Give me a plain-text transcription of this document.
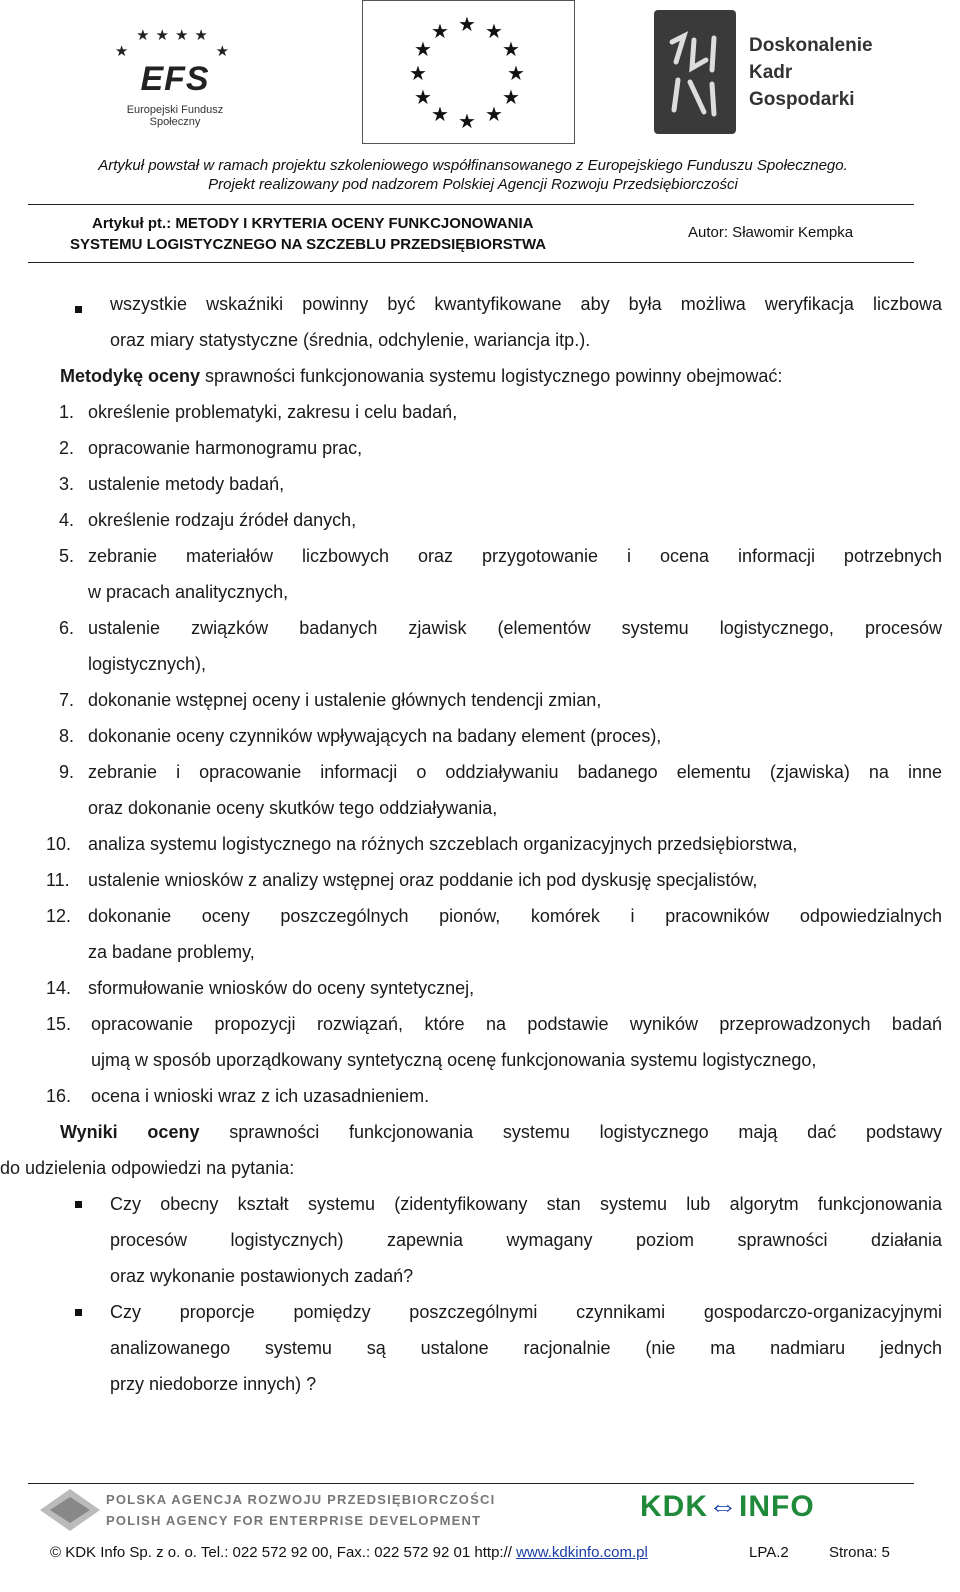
★★★★
★        ★
EFS
Europejski Fundusz Społeczny
★ ★
★
★
★
★
★
★
★
★
★
★
Doskonalenie
Kadr
Gospodarki
Artykuł powstał w ramach projektu szkoleniowego współfinansowanego z Europejskiego Funduszu Społecznego.
Projekt realizowany pod nadzorem Polskiej Agencji Rozwoju Przedsiębiorczości
Artykuł pt.: METODY I KRYTERIA OCENY FUNKCJONOWANIA
SYSTEMU LOGISTYCZNEGO NA SZCZEBLU PRZEDSIĘBIORSTWA
Autor: Sławomir Kempka
wszystkie wskaźniki powinny być kwantyfikowane aby była możliwa weryfikacja liczbowa
oraz miary statystyczne (średnia, odchylenie, wariancja itp.).
Metodykę oceny sprawności funkcjonowania systemu logistycznego powinny obejmować:
1. określenie problematyki, zakresu i celu badań,
2. opracowanie harmonogramu prac,
3. ustalenie metody badań,
4. określenie rodzaju źródeł danych,
5. zebranie materiałów liczbowych oraz przygotowanie i ocena informacji potrzebnych
w pracach analitycznych,
6. ustalenie związków badanych zjawisk (elementów systemu logistycznego, procesów
logistycznych),
7. dokonanie wstępnej oceny i ustalenie głównych tendencji zmian,
8. dokonanie oceny czynników wpływających na badany element (proces),
9. zebranie i opracowanie informacji o oddziaływaniu badanego elementu (zjawiska) na inne
oraz dokonanie oceny skutków tego oddziaływania,
10. analiza systemu logistycznego na różnych szczeblach organizacyjnych przedsiębiorstwa,
11. ustalenie wniosków z analizy wstępnej oraz poddanie ich pod dyskusję specjalistów,
12. dokonanie oceny poszczególnych pionów, komórek i pracowników odpowiedzialnych
za badane problemy,
14. sformułowanie wniosków do oceny syntetycznej,
15. opracowanie propozycji rozwiązań, które na podstawie wyników przeprowadzonych badań
ujmą w sposób uporządkowany syntetyczną ocenę funkcjonowania systemu logistycznego,
16. ocena i wnioski wraz z ich uzasadnieniem.
Wyniki oceny sprawności funkcjonowania systemu logistycznego mają dać podstawy
do udzielenia odpowiedzi na pytania:
Czy obecny kształt systemu (zidentyfikowany stan systemu lub algorytm funkcjonowania
procesów logistycznych) zapewnia wymagany poziom sprawności działania
oraz wykonanie postawionych zadań?
Czy proporcje pomiędzy poszczególnymi czynnikami gospodarczo-organizacyjnymi
analizowanego systemu są ustalone racjonalnie (nie ma nadmiaru jednych
przy niedoborze innych) ?
POLSKA AGENCJA ROZWOJU PRZEDSIĘBIORCZOŚCI
POLISH AGENCY FOR ENTERPRISE DEVELOPMENT	KDK⇔INFO
© KDK Info Sp. z o. o. Tel.: 022 572 92 00, Fax.: 022 572 92 01 http:// www.kdkinfo.com.pl	LPA.2	Strona: 5
